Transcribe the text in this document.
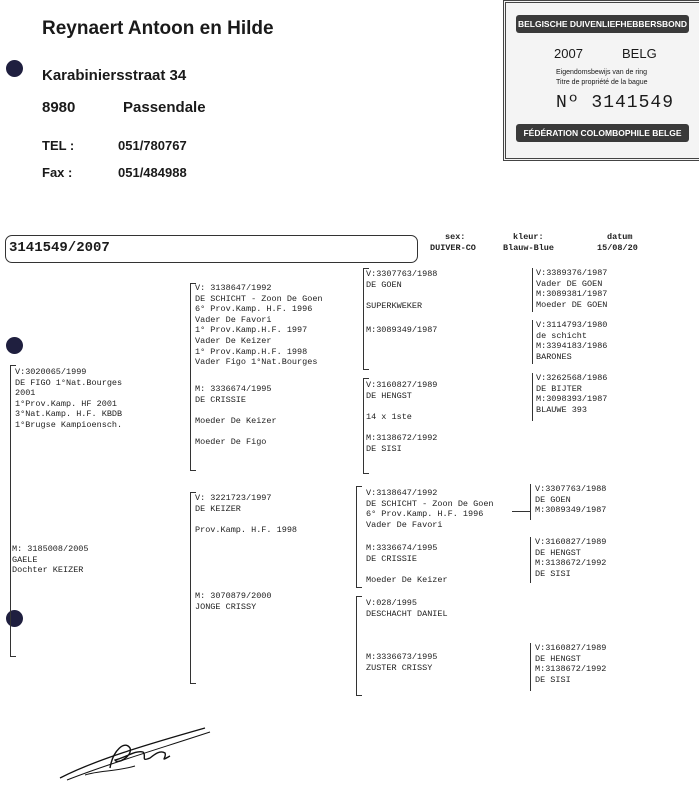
Reynaert Antoon en Hilde
Karabiniersstraat 34
8980	Passendale
TEL :	051/780767
Fax :	051/484988
BELGISCHE DUIVENLIEFHEBBERSBOND
2007	BELG
Eigendomsbewijs van de ring
Titre de propriété de la bague
Nº 3141549
FÉDÉRATION COLOMBOPHILE BELGE
3141549/2007
sex:
DUIVER-CO
kleur:
Blauw-Blue
datum
15/08/20
V:3020065/1999
DE FIGO 1°Nat.Bourges
2001
1°Prov.Kamp. HF 2001
3°Nat.Kamp. H.F. KBDB
1°Brugse Kampioensch.
M: 3185008/2005
GAELE
Dochter KEIZER
V: 3138647/1992
DE SCHICHT - Zoon De Goen
6° Prov.Kamp. H.F. 1996
Vader De Favori
1° Prov.Kamp.H.F. 1997
Vader De Keizer
1° Prov.Kamp.H.F. 1998
Vader Figo 1°Nat.Bourges
M: 3336674/1995
DE CRISSIE

Moeder De Keizer

Moeder De Figo
V: 3221723/1997
DE KEIZER

Prov.Kamp. H.F. 1998
M: 3070879/2000
JONGE CRISSY
V:3307763/1988
DE GOEN

SUPERKWEKER
M:3089349/1987
V:3160827/1989
DE HENGST

14 x 1ste
M:3138672/1992
DE SISI
V:3138647/1992
DE SCHICHT - Zoon De Goen
6° Prov.Kamp. H.F. 1996
Vader De Favori
M:3336674/1995
DE CRISSIE

Moeder De Keizer
V:028/1995
DESCHACHT DANIEL
M:3336673/1995
ZUSTER CRISSY
V:3389376/1987
Vader DE GOEN
M:3089381/1987
Moeder DE GOEN
V:3114793/1980
de schicht
M:3394183/1986
BARONES
V:3262568/1986
DE BIJTER
M:3098393/1987
BLAUWE 393
V:3307763/1988
DE GOEN
M:3089349/1987
V:3160827/1989
DE HENGST
M:3138672/1992
DE SISI
V:3160827/1989
DE HENGST
M:3138672/1992
DE SISI
